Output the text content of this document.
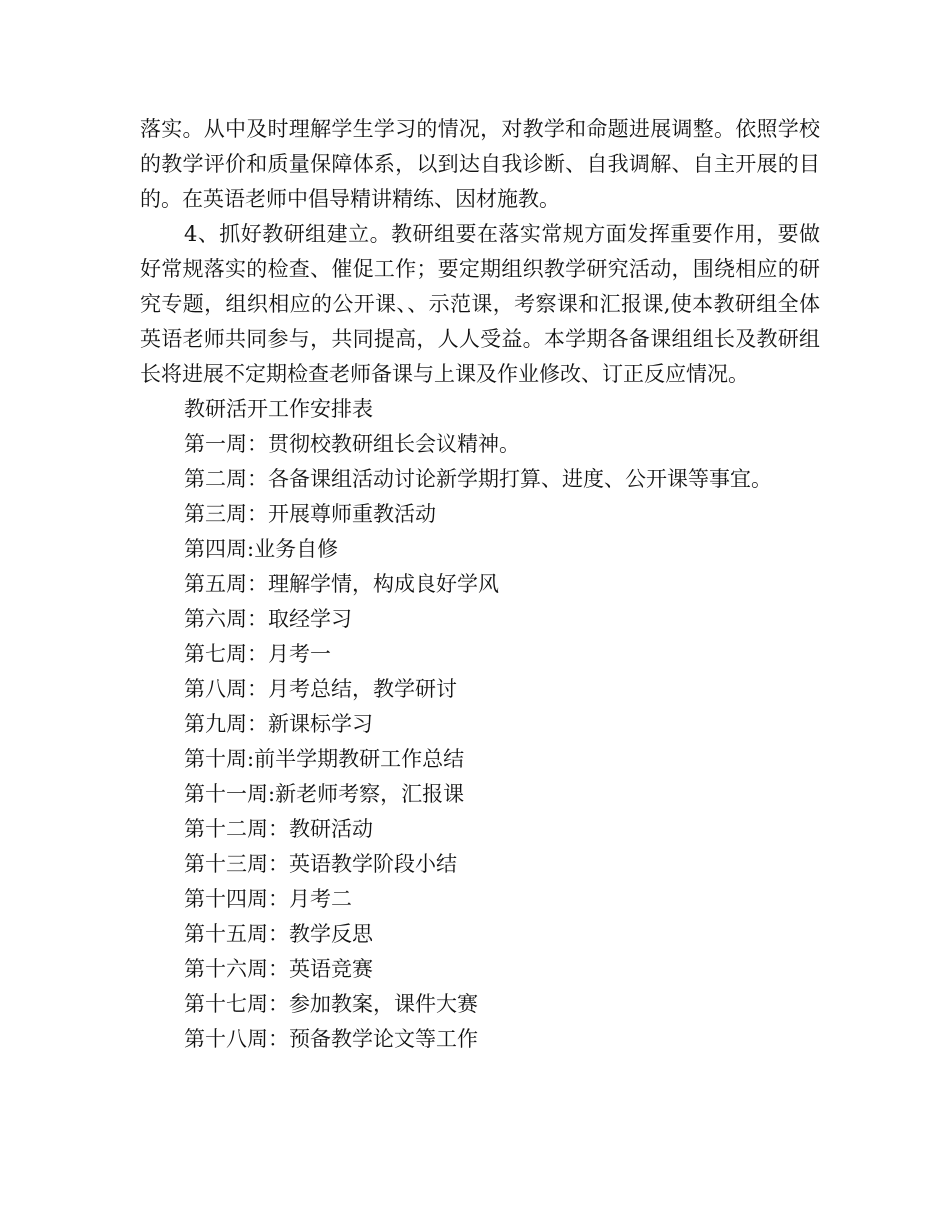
落实。从中及时理解学生学习的情况，对教学和命题进展调整。依照学校的教学评价和质量保障体系，以到达自我诊断、自我调解、自主开展的目的。在英语老师中倡导精讲精练、因材施教。

4、抓好教研组建立。教研组要在落实常规方面发挥重要作用，要做好常规落实的检查、催促工作；要定期组织教学研究活动，围绕相应的研究专题，组织相应的公开课、、示范课，考察课和汇报课,使本教研组全体英语老师共同参与，共同提高，人人受益。本学期各备课组组长及教研组长将进展不定期检查老师备课与上课及作业修改、订正反应情况。

教研活开工作安排表

第一周：贯彻校教研组长会议精神。

第二周：各备课组活动讨论新学期打算、进度、公开课等事宜。

第三周：开展尊师重教活动

第四周:业务自修

第五周：理解学情，构成良好学风

第六周：取经学习

第七周：月考一

第八周：月考总结，教学研讨

第九周：新课标学习

第十周:前半学期教研工作总结

第十一周:新老师考察，汇报课

第十二周：教研活动

第十三周：英语教学阶段小结

第十四周：月考二

第十五周：教学反思

第十六周：英语竞赛

第十七周：参加教案，课件大赛

第十八周：预备教学论文等工作
